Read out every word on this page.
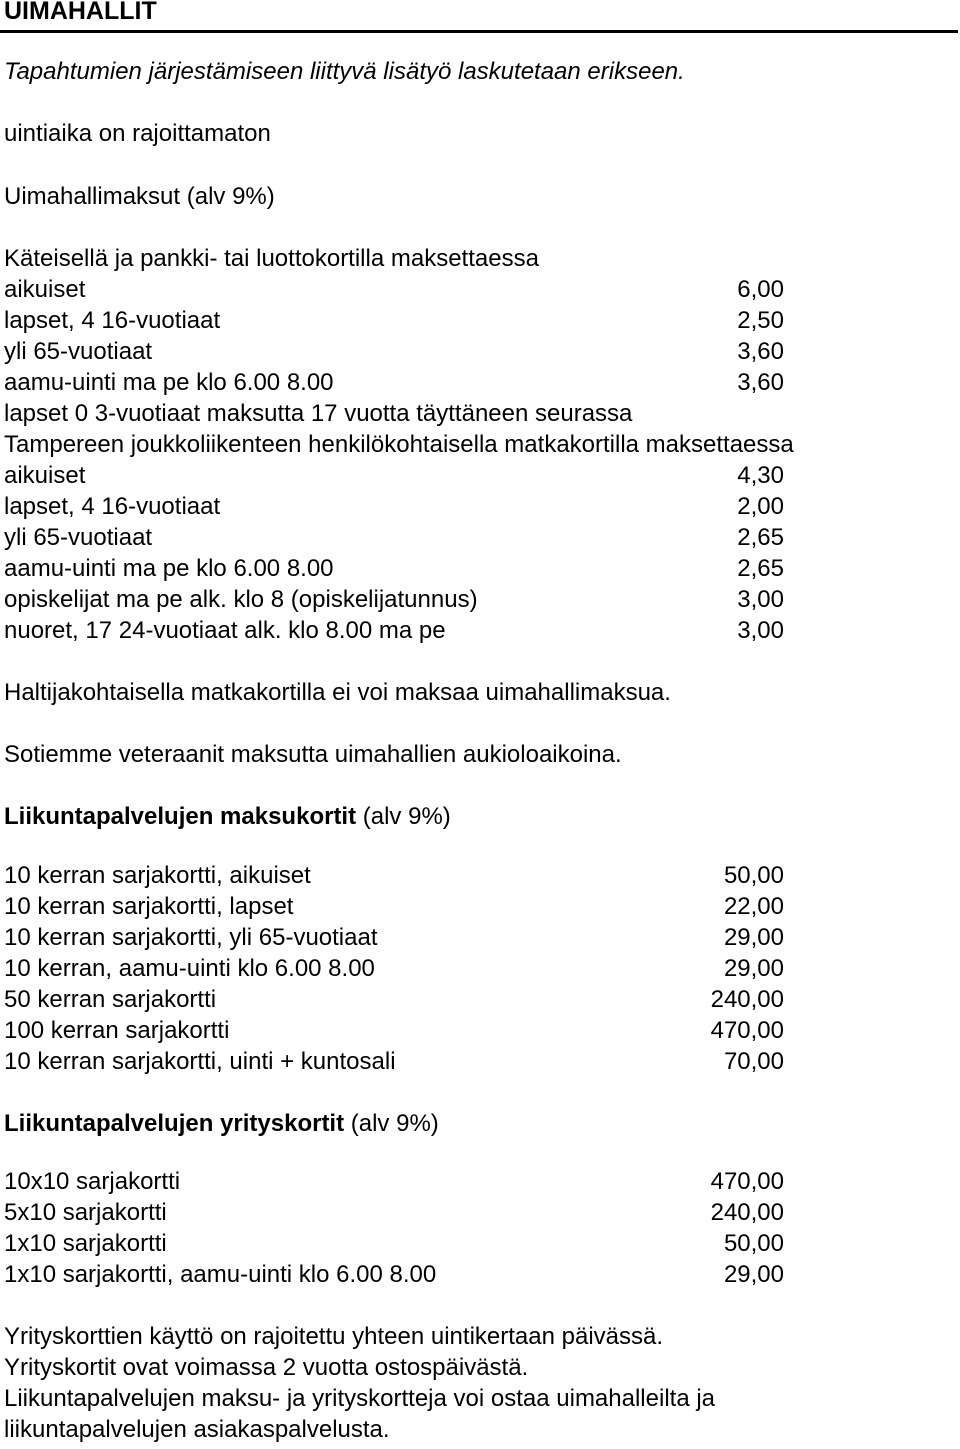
UIMAHALLIT
Tapahtumien järjestämiseen liittyvä lisätyö laskutetaan erikseen.
uintiaika on rajoittamaton
Uimahallimaksut (alv 9%)
Käteisellä ja pankki- tai luottokortilla maksettaessa
aikuiset	6,00
lapset, 4 16-vuotiaat	2,50
yli 65-vuotiaat	3,60
aamu-uinti ma pe klo 6.00 8.00	3,60
lapset 0 3-vuotiaat maksutta 17 vuotta täyttäneen seurassa
Tampereen joukkoliikenteen henkilökohtaisella matkakortilla maksettaessa
aikuiset	4,30
lapset, 4 16-vuotiaat	2,00
yli 65-vuotiaat	2,65
aamu-uinti ma pe klo 6.00 8.00	2,65
opiskelijat ma pe alk. klo 8 (opiskelijatunnus)	3,00
nuoret, 17 24-vuotiaat alk. klo 8.00 ma pe	3,00
Haltijakohtaisella matkakortilla ei voi maksaa uimahallimaksua.
Sotiemme veteraanit maksutta uimahallien aukioloaikoina.
Liikuntapalvelujen maksukortit (alv 9%)
10 kerran sarjakortti, aikuiset	50,00
10 kerran sarjakortti, lapset	22,00
10 kerran sarjakortti, yli 65-vuotiaat	29,00
10 kerran, aamu-uinti klo 6.00 8.00	29,00
50 kerran sarjakortti	240,00
100 kerran sarjakortti	470,00
10 kerran sarjakortti, uinti + kuntosali	70,00
Liikuntapalvelujen yrityskortit (alv 9%)
10x10 sarjakortti	470,00
5x10 sarjakortti	240,00
1x10 sarjakortti	50,00
1x10 sarjakortti, aamu-uinti klo 6.00 8.00	29,00
Yrityskorttien käyttö on rajoitettu yhteen uintikertaan päivässä.
Yrityskortit ovat voimassa 2 vuotta ostospäivästä.
Liikuntapalvelujen maksu- ja yrityskortteja voi ostaa uimahalleilta ja
liikuntapalvelujen asiakaspalvelusta.
